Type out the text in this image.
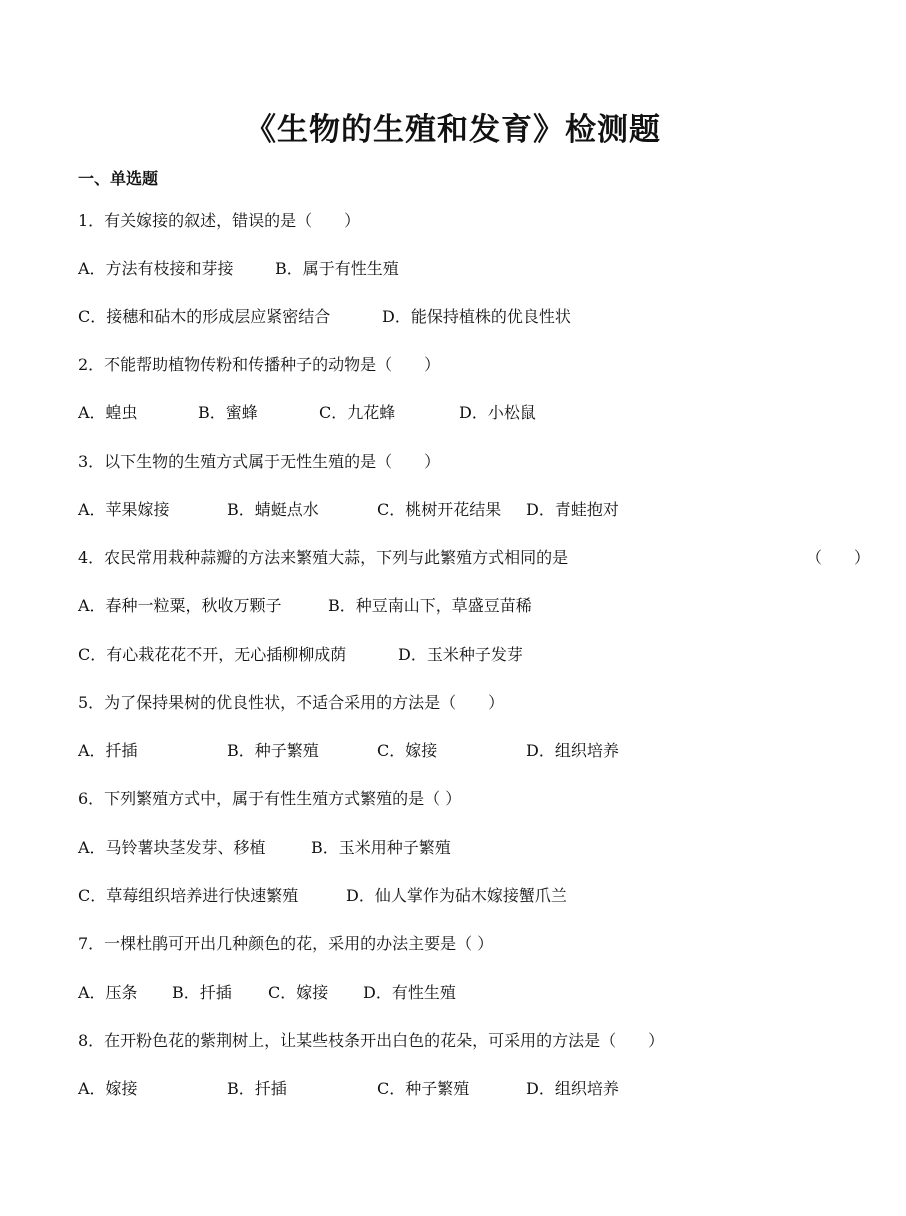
《生物的生殖和发育》检测题
一、单选题
1．有关嫁接的叙述，错误的是（　　）
A．方法有枝接和芽接	B．属于有性生殖
C．接穗和砧木的形成层应紧密结合	D．能保持植株的优良性状
2．不能帮助植物传粉和传播种子的动物是（　　）
A．蝗虫	B．蜜蜂	C．九花蜂	D．小松鼠
3．以下生物的生殖方式属于无性生殖的是（　　）
A．苹果嫁接	B．蜻蜓点水	C．桃树开花结果 D．青蛙抱对
4．农民常用栽种蒜瓣的方法来繁殖大蒜，下列与此繁殖方式相同的是	（　　）
A．春种一粒粟，秋收万颗子	B．种豆南山下，草盛豆苗稀
C．有心栽花花不开，无心插柳柳成荫	D．玉米种子发芽
5．为了保持果树的优良性状，不适合采用的方法是（　　）
A．扦插	B．种子繁殖	C．嫁接	D．组织培养
6．下列繁殖方式中，属于有性生殖方式繁殖的是（ ）
A．马铃薯块茎发芽、移植	B．玉米用种子繁殖
C．草莓组织培养进行快速繁殖	D．仙人掌作为砧木嫁接蟹爪兰
7．一棵杜鹃可开出几种颜色的花，采用的办法主要是（ ）
A．压条 B．扦插 C．嫁接 D．有性生殖
8．在开粉色花的紫荆树上，让某些枝条开出白色的花朵，可采用的方法是（　　）
A．嫁接	B．扦插	C．种子繁殖	D．组织培养
